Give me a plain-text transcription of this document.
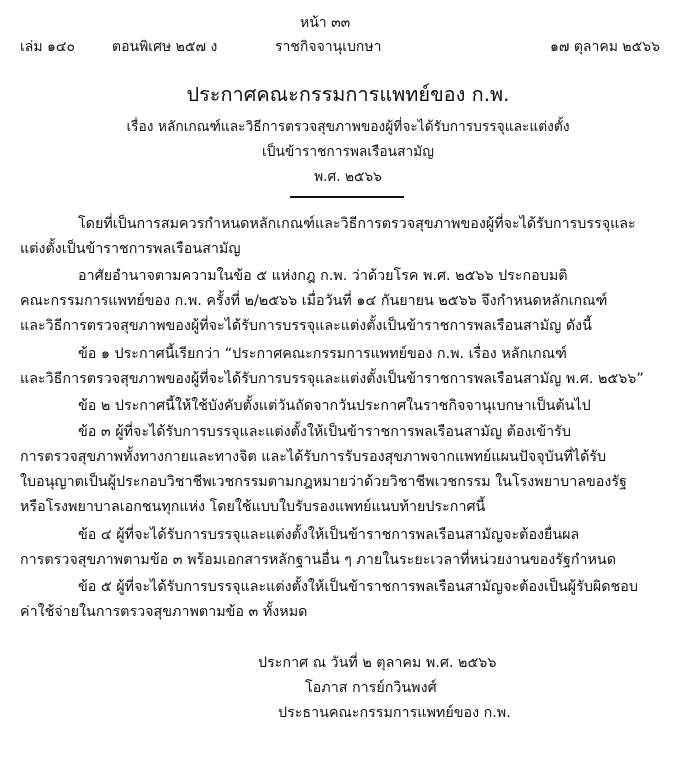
หน้า ๓๓
เล่ม ๑๔๐	ตอนพิเศษ ๒๕๗ ง	ราชกิจจานุเบกษา	๑๗ ตุลาคม ๒๕๖๖
ประกาศคณะกรรมการแพทย์ของ ก.พ.
เรื่อง หลักเกณฑ์และวิธีการตรวจสุขภาพของผู้ที่จะได้รับการบรรจุและแต่งตั้ง
เป็นข้าราชการพลเรือนสามัญ
พ.ศ. ๒๕๖๖
โดยที่เป็นการสมควรกำหนดหลักเกณฑ์และวิธีการตรวจสุขภาพของผู้ที่จะได้รับการบรรจุและ
แต่งตั้งเป็นข้าราชการพลเรือนสามัญ
อาศัยอำนาจตามความในข้อ ๕ แห่งกฎ ก.พ. ว่าด้วยโรค พ.ศ. ๒๕๖๖ ประกอบมติ
คณะกรรมการแพทย์ของ ก.พ. ครั้งที่ ๒/๒๕๖๖ เมื่อวันที่ ๑๔ กันยายน ๒๕๖๖ จึงกำหนดหลักเกณฑ์
และวิธีการตรวจสุขภาพของผู้ที่จะได้รับการบรรจุและแต่งตั้งเป็นข้าราชการพลเรือนสามัญ ดังนี้
ข้อ ๑ ประกาศนี้เรียกว่า “ประกาศคณะกรรมการแพทย์ของ ก.พ. เรื่อง หลักเกณฑ์
และวิธีการตรวจสุขภาพของผู้ที่จะได้รับการบรรจุและแต่งตั้งเป็นข้าราชการพลเรือนสามัญ พ.ศ. ๒๕๖๖”
ข้อ ๒ ประกาศนี้ให้ใช้บังคับตั้งแต่วันถัดจากวันประกาศในราชกิจจานุเบกษาเป็นต้นไป
ข้อ ๓ ผู้ที่จะได้รับการบรรจุและแต่งตั้งให้เป็นข้าราชการพลเรือนสามัญ ต้องเข้ารับ
การตรวจสุขภาพทั้งทางกายและทางจิต และได้รับการรับรองสุขภาพจากแพทย์แผนปัจจุบันที่ได้รับ
ใบอนุญาตเป็นผู้ประกอบวิชาชีพเวชกรรมตามกฎหมายว่าด้วยวิชาชีพเวชกรรม ในโรงพยาบาลของรัฐ
หรือโรงพยาบาลเอกชนทุกแห่ง โดยใช้แบบใบรับรองแพทย์แนบท้ายประกาศนี้
ข้อ ๔ ผู้ที่จะได้รับการบรรจุและแต่งตั้งให้เป็นข้าราชการพลเรือนสามัญจะต้องยื่นผล
การตรวจสุขภาพตามข้อ ๓ พร้อมเอกสารหลักฐานอื่น ๆ ภายในระยะเวลาที่หน่วยงานของรัฐกำหนด
ข้อ ๕ ผู้ที่จะได้รับการบรรจุและแต่งตั้งให้เป็นข้าราชการพลเรือนสามัญจะต้องเป็นผู้รับผิดชอบ
ค่าใช้จ่ายในการตรวจสุขภาพตามข้อ ๓ ทั้งหมด
ประกาศ ณ วันที่ ๒ ตุลาคม พ.ศ. ๒๕๖๖
โอภาส การย์กวินพงศ์
ประธานคณะกรรมการแพทย์ของ ก.พ.
